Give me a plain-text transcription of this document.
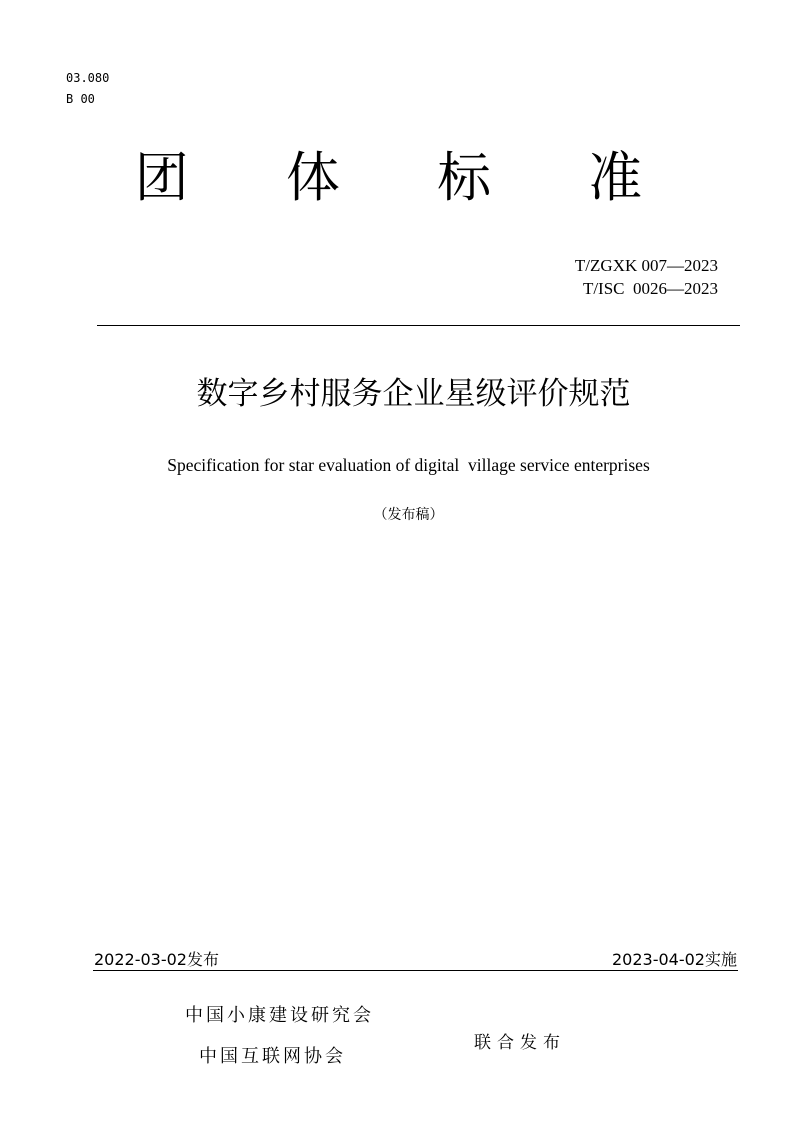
03.080
B 00
团 体 标 准
T/ZGXK 007—2023
T/ISC  0026—2023
数字乡村服务企业星级评价规范
Specification for star evaluation of digital  village service enterprises
（发布稿）
2022-03-02发布	2023-04-02实施
中国小康建设研究会
中国互联网协会
联合发布
